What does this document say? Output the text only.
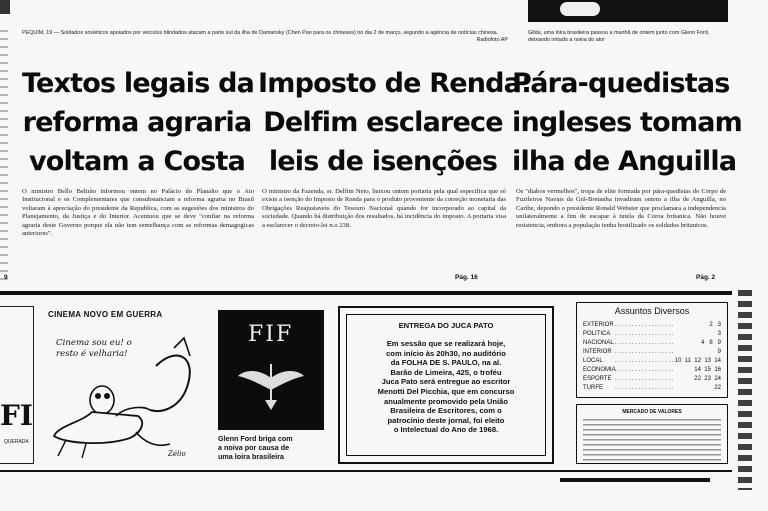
PEQUIM, 19 — Soldados soviéticos apoiados por veículos blindados atacam a parte sul da ilha de Damansky (Chen Pao para os chineses) no dia 2 de março, segundo a agência de notícias chinesa.
Radiofoto AP
Gilda, uma loira brasileira passou a manhã de ontem junto com Glenn Ford, deixando irritado a noiva do ator
Textos legais da
reforma agraria
voltam a Costa
O ministro Bello Beltrão informou ontem no Palácio do Planalto que o Ato Institucional e os Complementares que consubstanciam a reforma agraria no Brasil voltaram à apreciação do presidente da Republica, com as sugestões dos ministros do Planejamento, da Justiça e do Interior. Acentuou que se deve "confiar na reforma agraria deste Governo porque ela não tem semelhança com as reformas demagogicas anteriores".
9
Imposto de Renda:
Delfim esclarece
leis de isenções
O ministro da Fazenda, sr. Delfim Neto, baixou ontem portaria pela qual especifica que só existe a isenção do Imposto de Renda para o produto proveniente da correção monetaria das Obrigações Reajustaveis do Tesouro Nacional quando for incorporado ao capital da sociedade. Quando há distribuição dos resultados, há incidência do imposto. A portaria visa a esclarecer o decreto-lei n.o 238.
Pág. 16
Pára-quedistas
ingleses tomam
ilha de Anguilla
Os "diabos vermelhos", tropa de elite formada por pára-quedistas do Corpo de Fuzileiros Navais da Grã-Bretanha invadiram ontem a ilha de Anguilla, no Caribe, depondo o presidente Ronald Webster que proclamara a independencia unilateralmente a fim de escapar à tutela da Coroa britanica. Não houve resistencia, embora a população tenha hostilizado os soldados britanicos.
Pág. 2
FI
QUERADA
CINEMA NOVO EM GUERRA
Cinema sou eu! o
resto é velharia!
Zélio
FIF
Glenn Ford briga com
a noiva por causa de
uma loira brasileira
ENTREGA DO JUCA PATO
Em sessão que se realizará hoje,
com início às 20h30, no auditório
da FOLHA DE S. PAULO, na al.
Barão de Limeira, 425, o troféu
Juca Pato será entregue ao escritor
Menotti Del Picchia, que em concurso
anualmente promovido pela União
Brasileira de Escritores, com o
patrocínio deste jornal, foi eleito
o Intelectual do Ano de 1968.
Assuntos Diversos
EXTERIOR . . . . . . . . . . . . . . . . . .	2   3
POLITICA . . . . . . . . . . . . . . . . . .	3
NACIONAL . . . . . . . . . . . . . . . . . .	4   8   9
INTERIOR . . . . . . . . . . . . . . . . . .	9
LOCAL . . . . . . . . . . . . . . . . . . 10  11  12  13  14
ECONOMIA . . . . . . . . . . . . . . . . . .	14  15  16
ESPORTE . . . . . . . . . . . . . . . . . .	22  23  24
TURFE . . . . . . . . . . . . . . . . . .	22
MERCADO DE VALORES
